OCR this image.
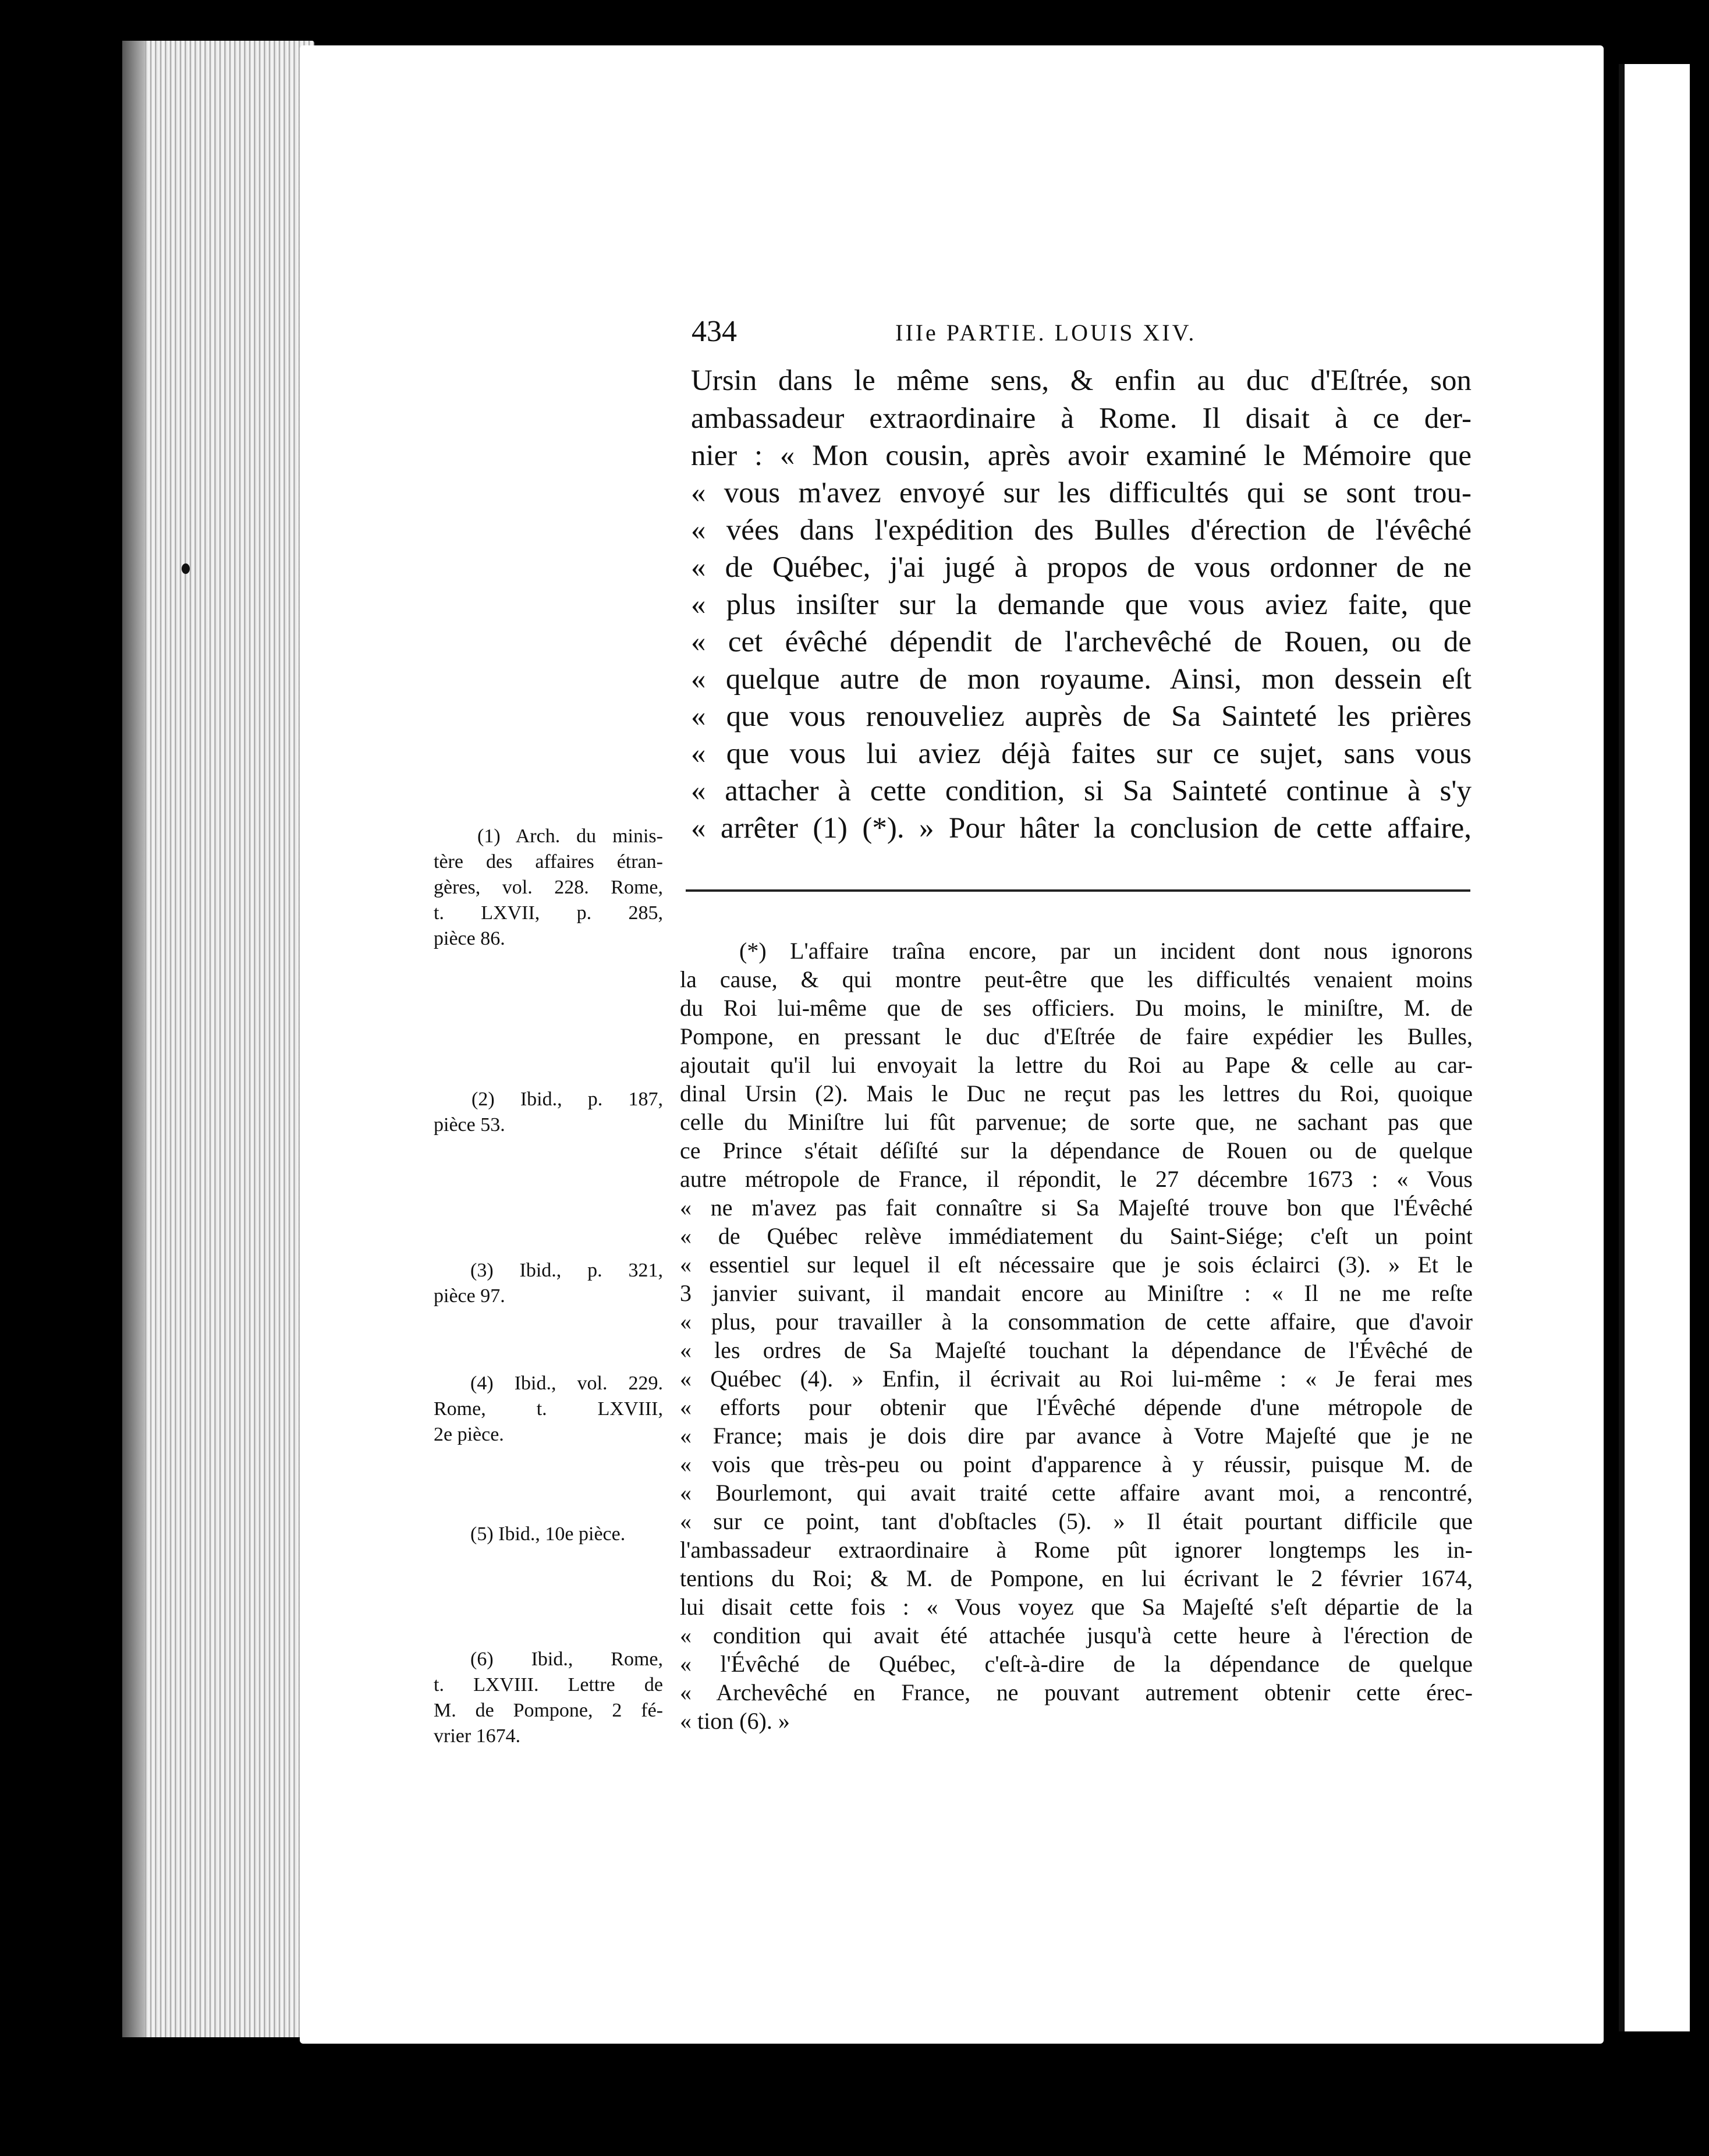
434	IIIe PARTIE. LOUIS XIV.
Ursin dans le même sens, & enfin au duc d'Eſtrée, son
ambassadeur extraordinaire à Rome. Il disait à ce der-
nier : « Mon cousin, après avoir examiné le Mémoire que
« vous m'avez envoyé sur les difficultés qui se sont trou-
« vées dans l'expédition des Bulles d'érection de l'évêché
« de Québec, j'ai jugé à propos de vous ordonner de ne
« plus insiſter sur la demande que vous aviez faite, que
« cet évêché dépendit de l'archevêché de Rouen, ou de
« quelque autre de mon royaume. Ainsi, mon dessein eſt
« que vous renouveliez auprès de Sa Sainteté les prières
« que vous lui aviez déjà faites sur ce sujet, sans vous
« attacher à cette condition, si Sa Sainteté continue à s'y
« arrêter (1) (*). » Pour hâter la conclusion de cette affaire,
(*) L'affaire traîna encore, par un incident dont nous ignorons
la cause, & qui montre peut-être que les difficultés venaient moins
du Roi lui-même que de ses officiers. Du moins, le miniſtre, M. de
Pompone, en pressant le duc d'Eſtrée de faire expédier les Bulles,
ajoutait qu'il lui envoyait la lettre du Roi au Pape & celle au car-
dinal Ursin (2). Mais le Duc ne reçut pas les lettres du Roi, quoique
celle du Miniſtre lui fût parvenue; de sorte que, ne sachant pas que
ce Prince s'était déſiſté sur la dépendance de Rouen ou de quelque
autre métropole de France, il répondit, le 27 décembre 1673 : « Vous
« ne m'avez pas fait connaître si Sa Majeſté trouve bon que l'Évêché
« de Québec relève immédiatement du Saint-Siége; c'eſt un point
« essentiel sur lequel il eſt nécessaire que je sois éclairci (3). » Et le
3 janvier suivant, il mandait encore au Miniſtre : « Il ne me reſte
« plus, pour travailler à la consommation de cette affaire, que d'avoir
« les ordres de Sa Majeſté touchant la dépendance de l'Évêché de
« Québec (4). » Enfin, il écrivait au Roi lui-même : « Je ferai mes
« efforts pour obtenir que l'Évêché dépende d'une métropole de
« France; mais je dois dire par avance à Votre Majeſté que je ne
« vois que très-peu ou point d'apparence à y réussir, puisque M. de
« Bourlemont, qui avait traité cette affaire avant moi, a rencontré,
« sur ce point, tant d'obſtacles (5). » Il était pourtant difficile que
l'ambassadeur extraordinaire à Rome pût ignorer longtemps les in-
tentions du Roi; & M. de Pompone, en lui écrivant le 2 février 1674,
lui disait cette fois : « Vous voyez que Sa Majeſté s'eſt départie de la
« condition qui avait été attachée jusqu'à cette heure à l'érection de
« l'Évêché de Québec, c'eſt-à-dire de la dépendance de quelque
« Archevêché en France, ne pouvant autrement obtenir cette érec-
« tion (6). »
(1) Arch. du minis-
tère des affaires étran-
gères, vol. 228. Rome,
t. LXVII, p. 285,
pièce 86.
(2) Ibid., p. 187,
pièce 53.
(3) Ibid., p. 321,
pièce 97.
(4) Ibid., vol. 229.
Rome, t. LXVIII,
2e pièce.
(5) Ibid., 10e pièce.
(6) Ibid., Rome,
t. LXVIII. Lettre de
M. de Pompone, 2 fé-
vrier 1674.
